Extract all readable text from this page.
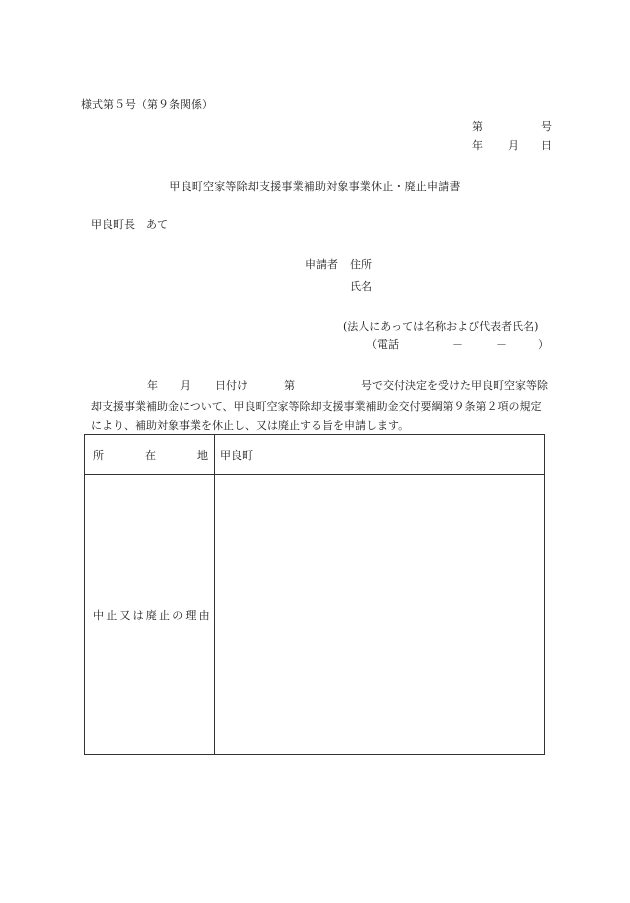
様式第５号（第９条関係）
第	号
年 月 日
甲良町空家等除却支援事業補助対象事業休止・廃止申請書
甲良町長　あて
申請者 住所
氏名
(法人にあっては名称および代表者氏名)
（電話	－	－	）
年 月 日付け	第	号で交付決定を受けた甲良町空家等除
却支援事業補助金について、甲良町空家等除却支援事業補助金交付要綱第９条第２項の規定
により、補助対象事業を休止し、又は廃止する旨を申請します。
所 在 地	甲良町

中止又は廃止の理由	
